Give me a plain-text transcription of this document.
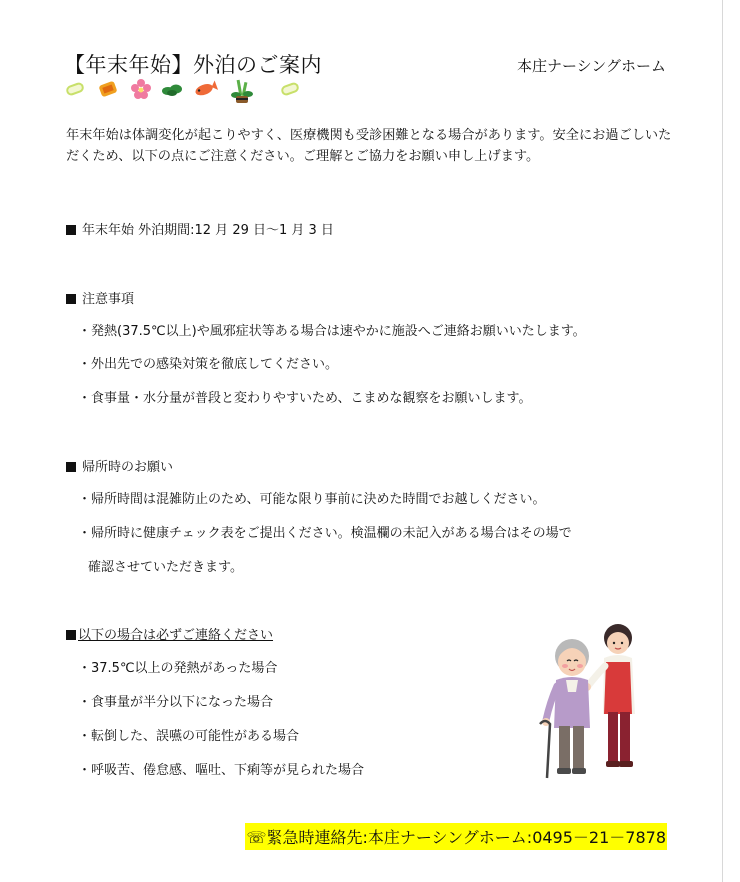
【年末年始】外泊のご案内	本庄ナーシングホーム
年末年始は体調変化が起こりやすく、医療機関も受診困難となる場合があります。安全にお過ごしいただくため、以下の点にご注意ください。ご理解とご協力をお願い申し上げます。
年末年始 外泊期間:12 月 29 日～1 月 3 日
注意事項
・発熱(37.5℃以上)や風邪症状等ある場合は速やかに施設へご連絡お願いいたします。
・外出先での感染対策を徹底してください。
・食事量・水分量が普段と変わりやすいため、こまめな観察をお願いします。
帰所時のお願い
・帰所時間は混雑防止のため、可能な限り事前に決めた時間でお越しください。
・帰所時に健康チェック表をご提出ください。検温欄の未記入がある場合はその場で
確認させていただきます。
以下の場合は必ずご連絡ください
・37.5℃以上の発熱があった場合
・食事量が半分以下になった場合
・転倒した、誤嚥の可能性がある場合
・呼吸苦、倦怠感、嘔吐、下痢等が見られた場合
☏緊急時連絡先:本庄ナーシングホーム:0495－21－7878
